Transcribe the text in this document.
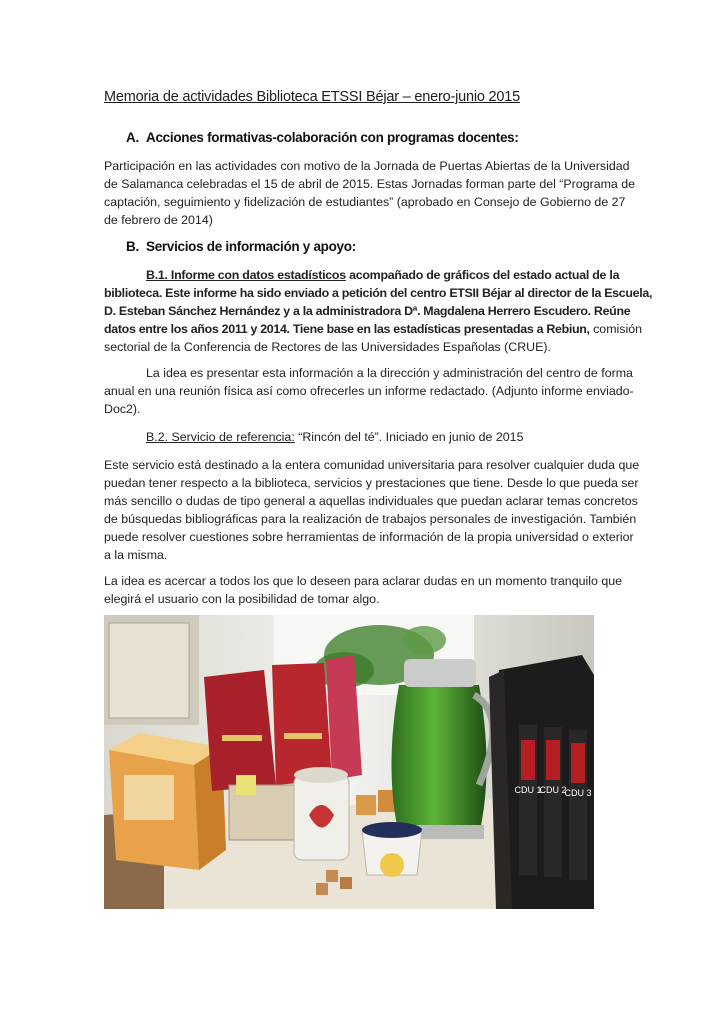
Memoria de actividades Biblioteca ETSSI Béjar – enero-junio 2015
A. Acciones formativas-colaboración con programas docentes:
Participación en las actividades con motivo de la Jornada de Puertas Abiertas de la Universidad
de Salamanca celebradas el 15 de abril de 2015. Estas Jornadas forman parte del “Programa de
captación, seguimiento y fidelización de estudiantes” (aprobado en Consejo de Gobierno de 27
de febrero de 2014)
B. Servicios de información y apoyo:
B.1. Informe con datos estadísticos acompañado de gráficos del estado actual de la
biblioteca. Este informe ha sido enviado a petición del centro ETSII Béjar al director de la Escuela,
D. Esteban Sánchez Hernández y a la administradora Dª. Magdalena Herrero Escudero. Reúne
datos entre los años 2011 y 2014. Tiene base en las estadísticas presentadas a Rebiun, comisión
sectorial de la Conferencia de Rectores de las Universidades Españolas (CRUE).
La idea es presentar esta información a la dirección y administración del centro de forma
anual en una reunión física así como ofrecerles un informe redactado. (Adjunto informe enviado-
Doc2).
B.2. Servicio de referencia: “Rincón del té”. Iniciado en junio de 2015
Este servicio está destinado a la entera comunidad universitaria para resolver cualquier duda que
puedan tener respecto a la biblioteca, servicios y prestaciones que tiene. Desde lo que pueda ser
más sencillo o dudas de tipo general a aquellas individuales que puedan aclarar temas concretos
de búsquedas bibliográficas para la realización de trabajos personales de investigación. También
puede resolver cuestiones sobre herramientas de información de la propia universidad o exterior
a la misma.
La idea es acercar a todos los que lo deseen para aclarar dudas en un momento tranquilo que
elegirá el usuario con la posibilidad de tomar algo.
CDU 1
CDU 2
CDU 3
